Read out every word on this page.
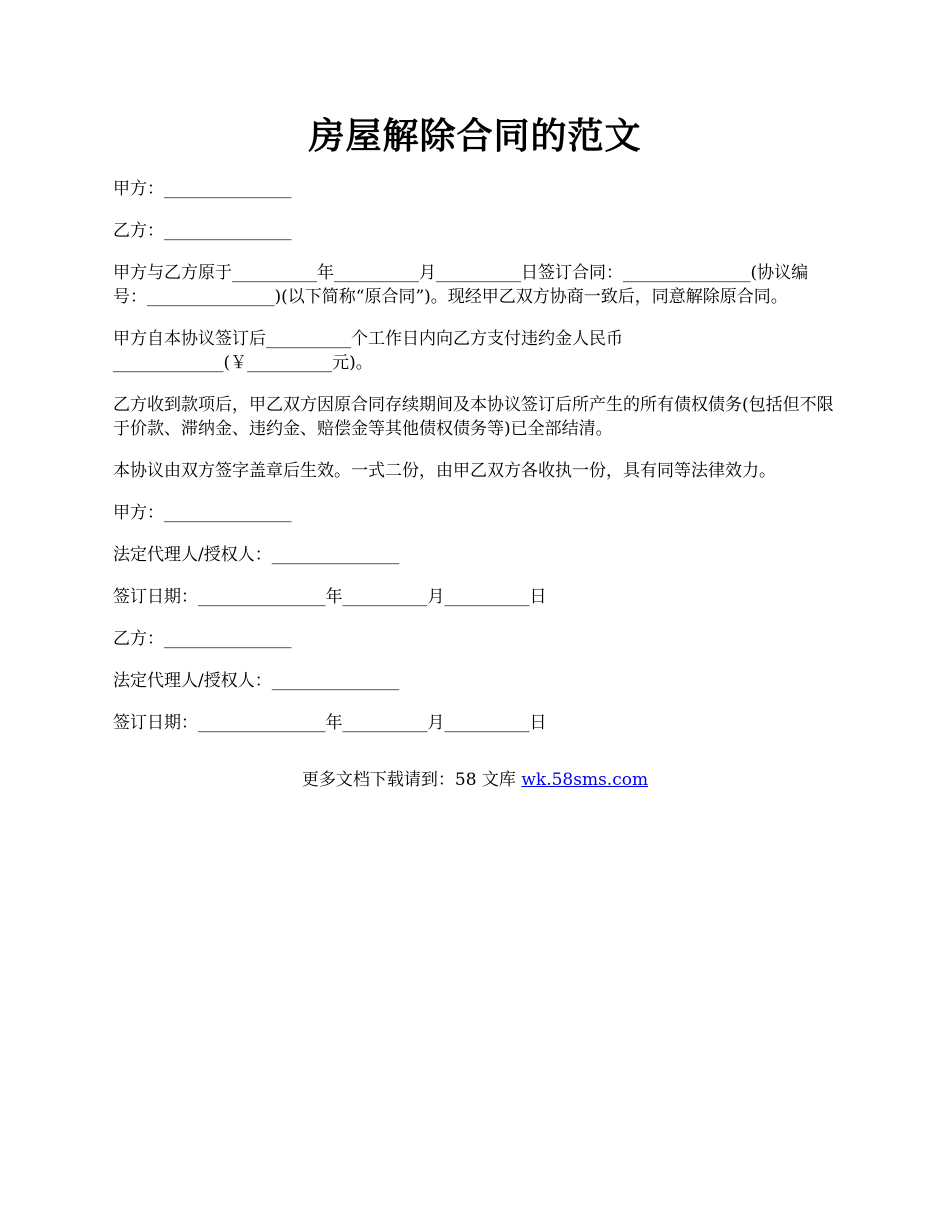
房屋解除合同的范文

甲方：_______________

乙方：_______________

甲方与乙方原于__________年__________月__________日签订合同：_______________(协议编号：_______________)(以下简称“原合同”)。现经甲乙双方协商一致后，同意解除原合同。

甲方自本协议签订后__________个工作日内向乙方支付违约金人民币_____________(￥__________元)。

乙方收到款项后，甲乙双方因原合同存续期间及本协议签订后所产生的所有债权债务(包括但不限于价款、滞纳金、违约金、赔偿金等其他债权债务等)已全部结清。

本协议由双方签字盖章后生效。一式二份，由甲乙双方各收执一份，具有同等法律效力。

甲方：_______________

法定代理人/授权人：_______________

签订日期：_______________年__________月__________日

乙方：_______________

法定代理人/授权人：_______________

签订日期：_______________年__________月__________日

更多文档下载请到：58 文库 wk.58sms.com
